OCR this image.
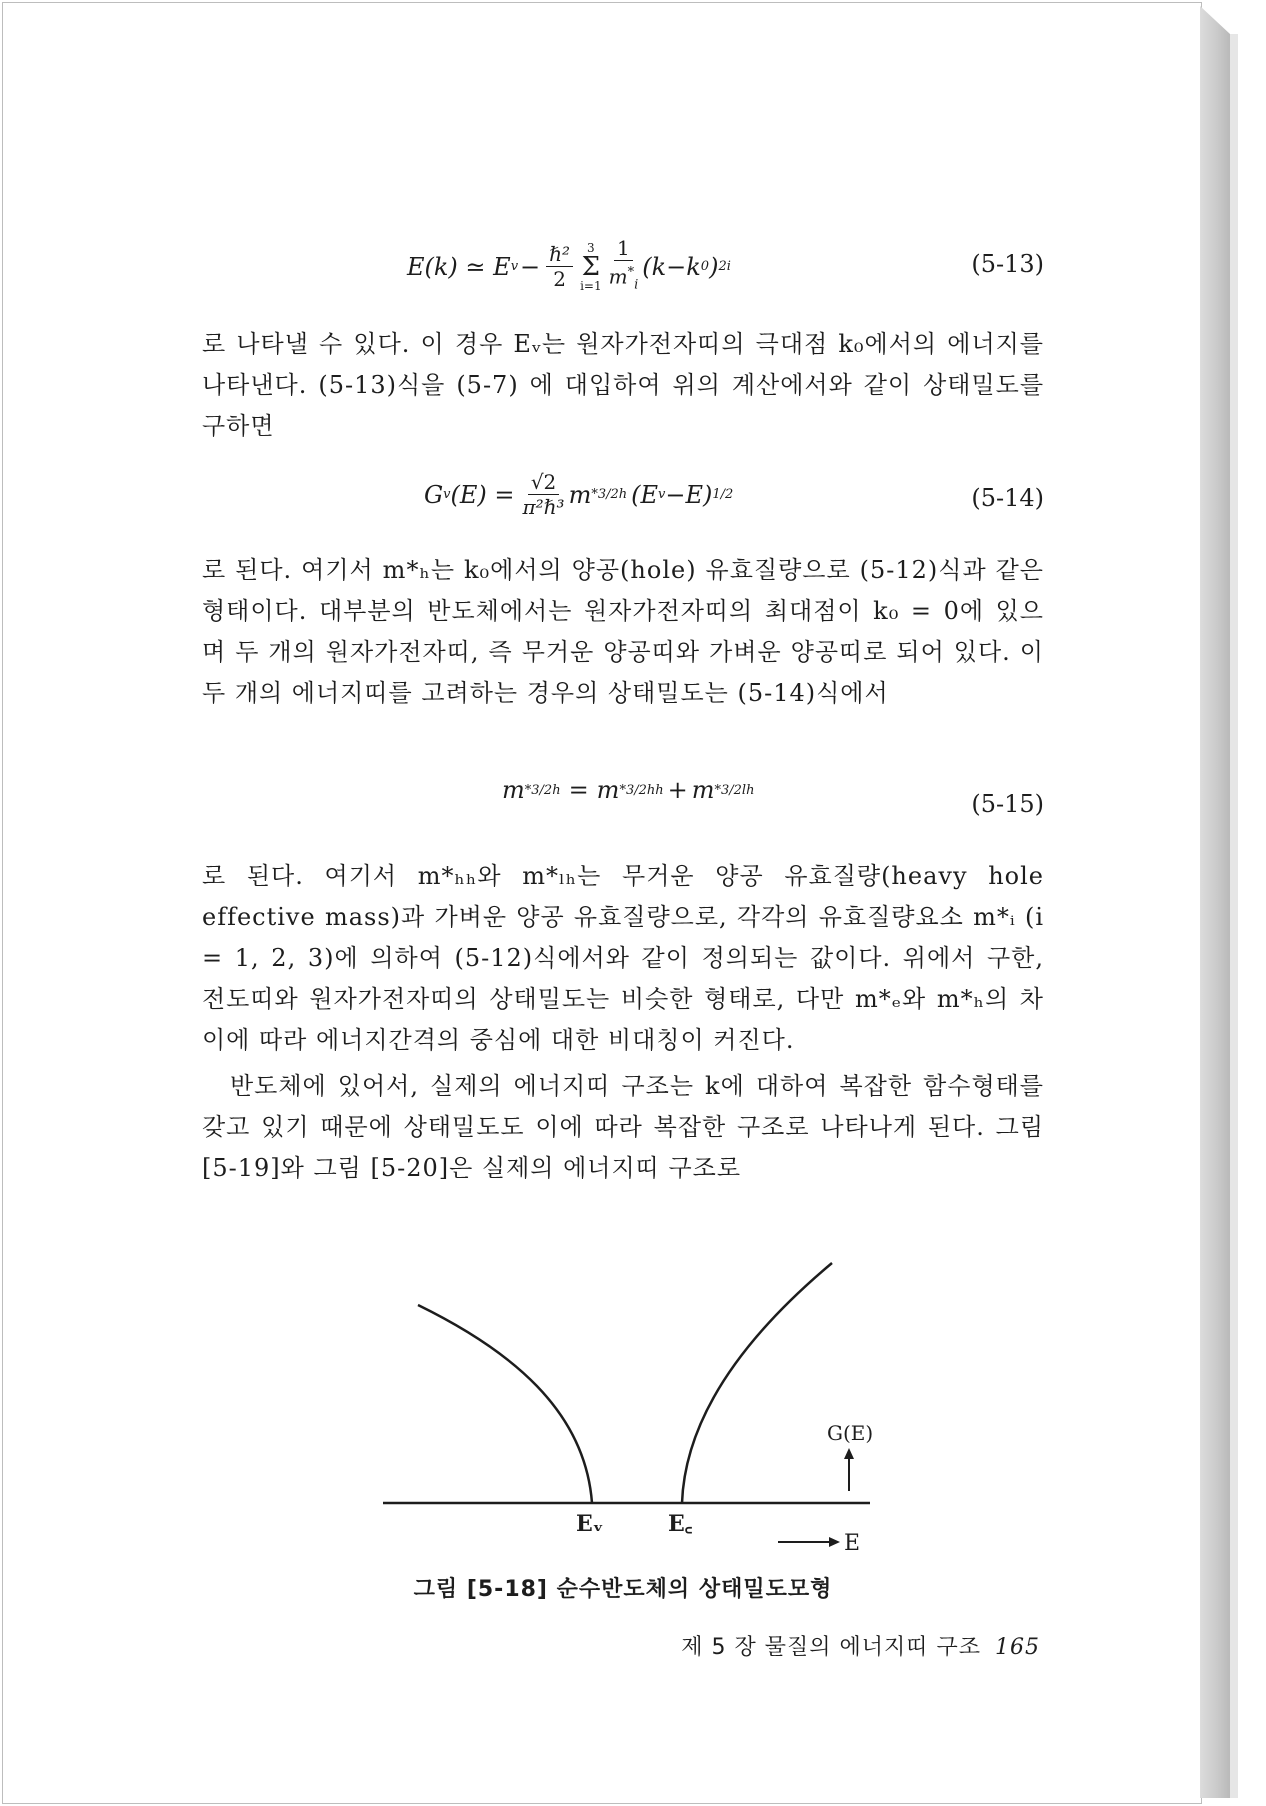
E(k) ≃ E $v - \frac{\text{ℏ²}}{2} 3$
Σ
$i=1 \frac{1}{m^*_i} (k-k$ 0 ) 2 i	(5-13)

로 나타낼 수 있다. 이 경우 Eᵥ는 원자가전자띠의 극대점 k₀에서의 에너지를 나타낸다. (5-13)식을 (5-7) 에 대입하여 위의 계산에서와 같이 상태밀도를 구하면

G v $(E) = \frac{√2}{\text{π²ℏ³}}$ m *3/2 h (E v −E) 1/2	(5-14)

로 된다. 여기서 m*ₕ는 k₀에서의 양공(hole) 유효질량으로 (5-12)식과 같은 형태이다. 대부분의 반도체에서는 원자가전자띠의 최대점이 k₀ = 0에 있으며 두 개의 원자가전자띠, 즉 무거운 양공띠와 가벼운 양공띠로 되어 있다. 이 두 개의 에너지띠를 고려하는 경우의 상태밀도는 (5-14)식에서

m *3/2 h = m *3/2 hh + m *3/2 lh	(5-15)

로 된다. 여기서 m*ₕₕ와 m*ₗₕ는 무거운 양공 유효질량(heavy hole effective mass)과 가벼운 양공 유효질량으로, 각각의 유효질량요소 m*ᵢ (i = 1, 2, 3)에 의하여 (5-12)식에서와 같이 정의되는 값이다. 위에서 구한, 전도띠와 원자가전자띠의 상태밀도는 비슷한 형태로, 다만 m*ₑ와 m*ₕ의 차이에 따라 에너지간격의 중심에 대한 비대칭이 커진다.

반도체에 있어서, 실제의 에너지띠 구조는 k에 대하여 복잡한 함수형태를 갖고 있기 때문에 상태밀도도 이에 따라 복잡한 구조로 나타나게 된다. 그림 [5-19]와 그림 [5-20]은 실제의 에너지띠 구조로

Eᵥ	E꜀
G(E)
E
그림 [5-18] 순수반도체의 상태밀도모형
제 5 장 물질의 에너지띠 구조 165
